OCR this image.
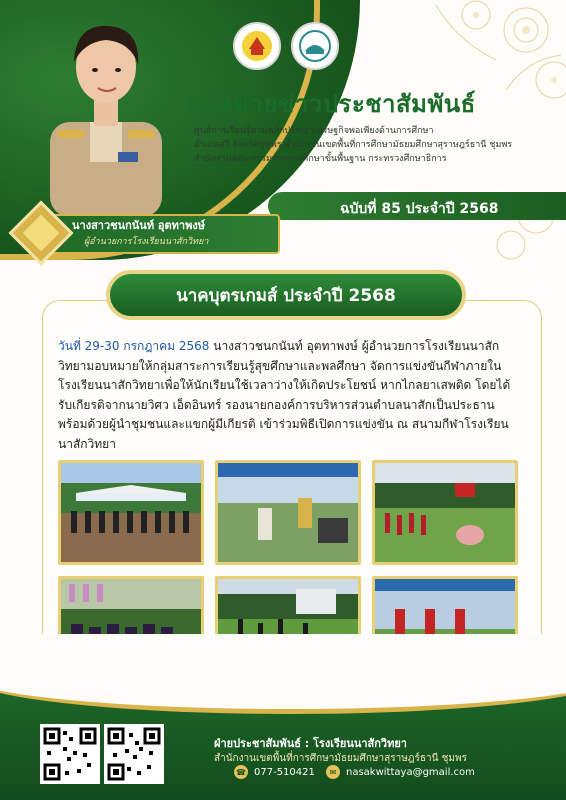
จดหมายข่าวประชาสัมพันธ์
ศูนย์การเรียนรู้ตามหลักปรัชญาเศรษฐกิจพอเพียงด้านการศึกษา
อำเภอสวี จังหวัดชุมพร สำนักงานเขตพื้นที่การศึกษามัธยมศึกษาสุราษฎร์ธานี ชุมพร
สำนักงานคณะกรรมการการศึกษาขั้นพื้นฐาน กระทรวงศึกษาธิการ
ฉบับที่ 85 ประจำปี 2568
นางสาวชนกนันท์ อุตทาพงษ์
ผู้อำนวยการโรงเรียนนาสักวิทยา
นาคบุตรเกมส์ ประจำปี 2568

วันที่ 29-30 กรกฎาคม 2568 นางสาวชนกนันท์ อุตทาพงษ์ ผู้อำนวยการโรงเรียนนาสักวิทยามอบหมายให้กลุ่มสาระการเรียนรู้สุขศึกษาและพลศึกษา จัดการแข่งขันกีฬาภายในโรงเรียนนาสักวิทยาเพื่อให้นักเรียนใช้เวลาว่างให้เกิดประโยชน์ หากไกลยาเสพติด โดยได้รับเกียรติจากนายวิศว เอ็ดอินทร์ รองนายกองค์การบริหารส่วนตำบลนาสักเป็นประธานพร้อมด้วยผู้นำชุมชนและแขกผู้มีเกียรติ เข้าร่วมพิธีเปิดการแข่งขัน ณ สนามกีฬาโรงเรียนนาสักวิทยา

ฝ่ายประชาสัมพันธ์ : โรงเรียนนาสักวิทยา
สำนักงานเขตพื้นที่การศึกษามัธยมศึกษาสุราษฎร์ธานี ชุมพร
☎ 077-510421	✉ nasakwittaya@gmail.com
